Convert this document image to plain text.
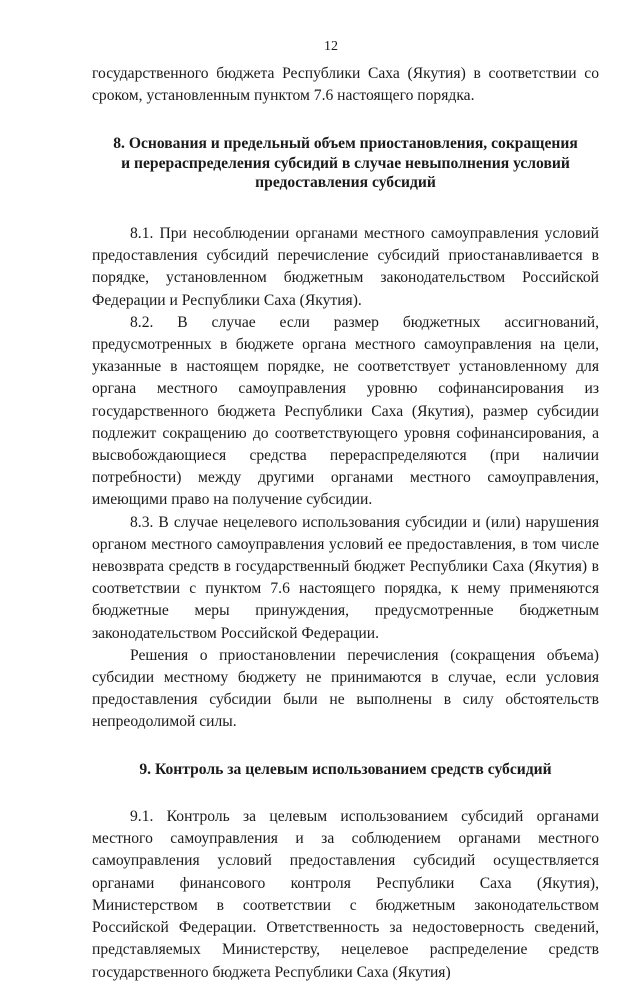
12

государственного бюджета Республики Саха (Якутия) в соответствии со сроком, установленным пунктом 7.6 настоящего порядка.

8. Основания и предельный объем приостановления, сокращения
и перераспределения субсидий в случае невыполнения условий
предоставления субсидий

8.1. При несоблюдении органами местного самоуправления условий предоставления субсидий перечисление субсидий приостанавливается в порядке, установленном бюджетным законодательством Российской Федерации и Республики Саха (Якутия).

8.2. В случае если размер бюджетных ассигнований, предусмотренных в бюджете органа местного самоуправления на цели, указанные в настоящем порядке, не соответствует установленному для органа местного самоуправления уровню софинансирования из государственного бюджета Республики Саха (Якутия), размер субсидии подлежит сокращению до соответствующего уровня софинансирования, а высвобождающиеся средства перераспределяются (при наличии потребности) между другими органами местного самоуправления, имеющими право на получение субсидии.

8.3. В случае нецелевого использования субсидии и (или) нарушения органом местного самоуправления условий ее предоставления, в том числе невозврата средств в государственный бюджет Республики Саха (Якутия) в соответствии с пунктом 7.6 настоящего порядка, к нему применяются бюджетные меры принуждения, предусмотренные бюджетным законодательством Российской Федерации.

Решения о приостановлении перечисления (сокращения объема) субсидии местному бюджету не принимаются в случае, если условия предоставления субсидии были не выполнены в силу обстоятельств непреодолимой силы.

9. Контроль за целевым использованием средств субсидий

9.1. Контроль за целевым использованием субсидий органами местного самоуправления и за соблюдением органами местного самоуправления условий предоставления субсидий осуществляется органами финансового контроля Республики Саха (Якутия), Министерством в соответствии с бюджетным законодательством Российской Федерации. Ответственность за недостоверность сведений, представляемых Министерству, нецелевое распределение средств государственного бюджета Республики Саха (Якутия)
